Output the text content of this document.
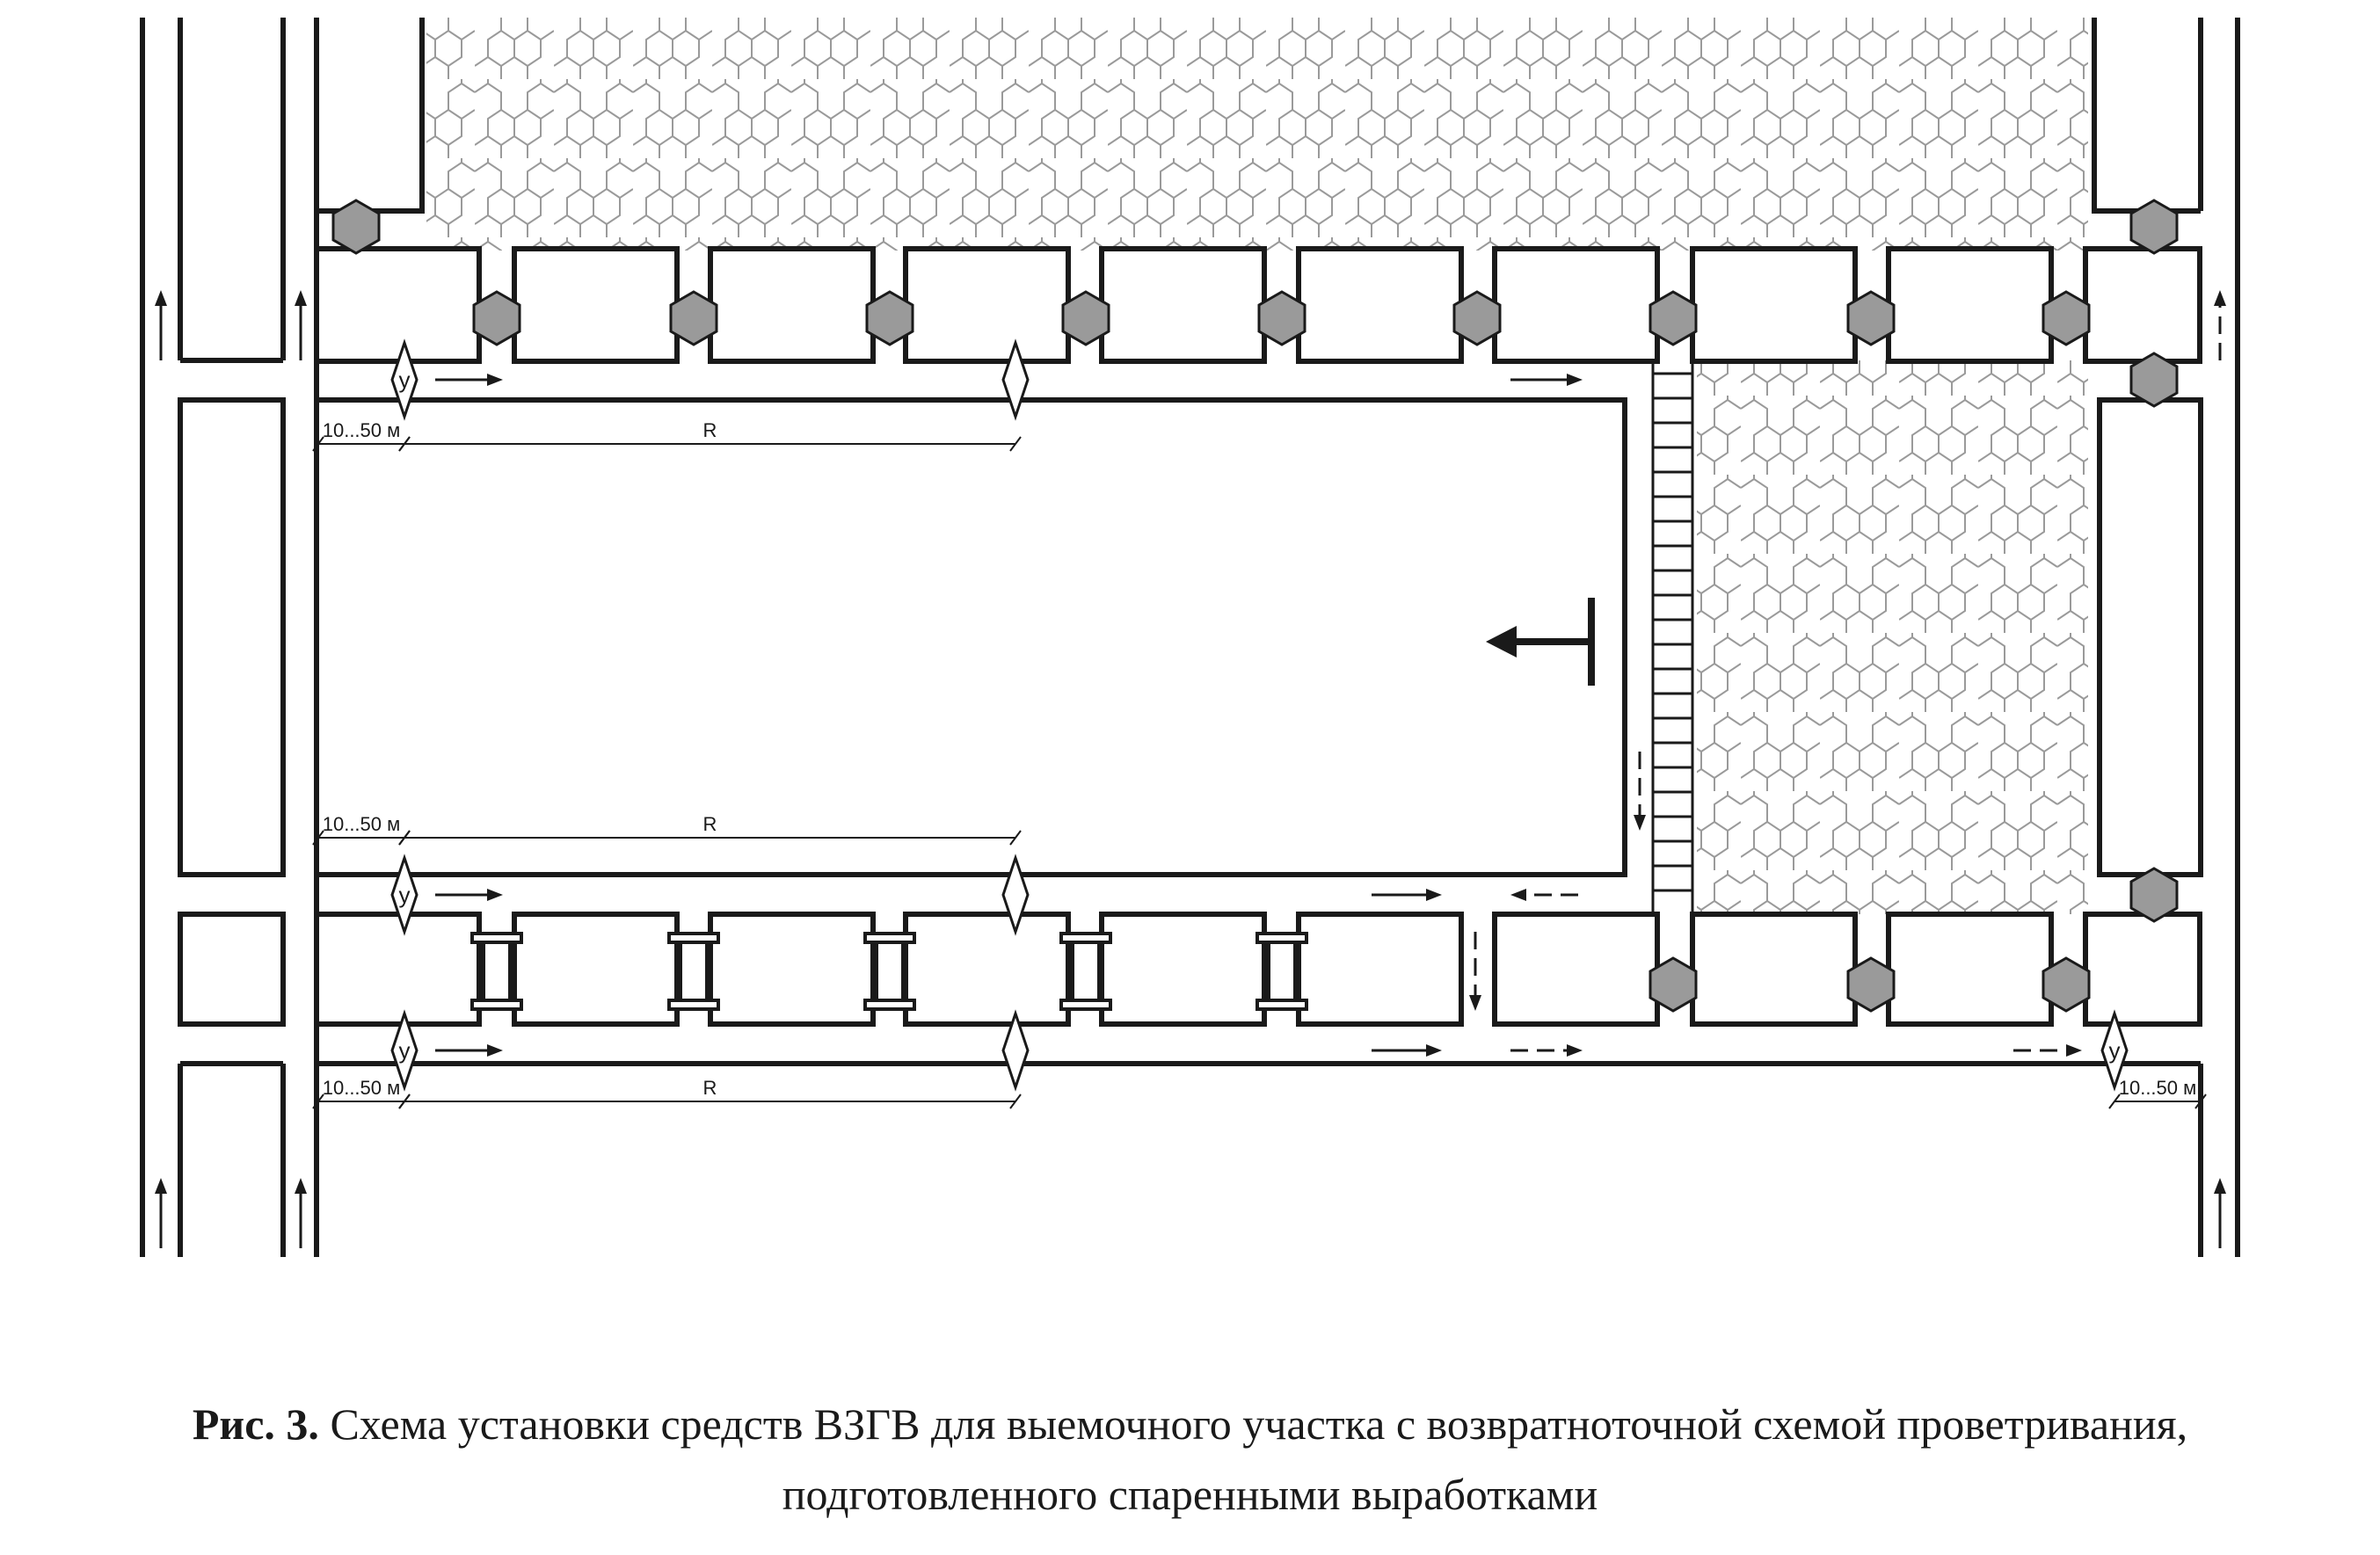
у
у
у	у
10...50 м	R
10...50 м	R
10...50 м	R	10...50 м
Рис. 3. Схема установки средств ВЗГВ для выемочного участка с возвратноточной схемой проветривания,
подготовленного спаренными выработками
